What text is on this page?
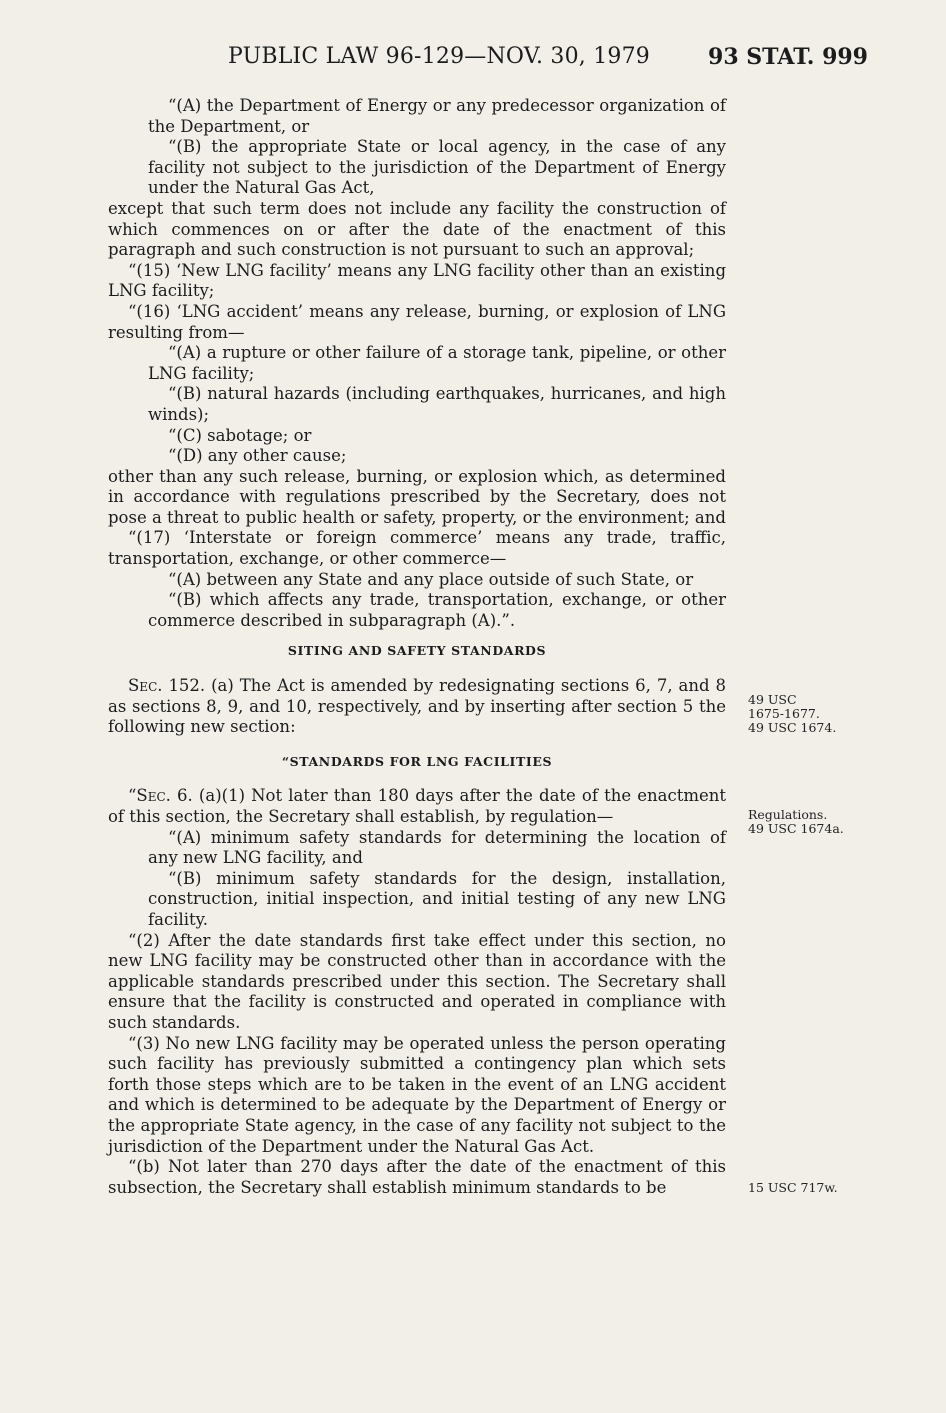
PUBLIC LAW 96-129—NOV. 30, 1979	93 STAT. 999

“(A) the Department of Energy or any predecessor organization of the Department, or

“(B) the appropriate State or local agency, in the case of any facility not subject to the jurisdiction of the Department of Energy under the Natural Gas Act,

except that such term does not include any facility the construction of which commences on or after the date of the enactment of this paragraph and such construction is not pursuant to such an approval;

“(15) ‘New LNG facility’ means any LNG facility other than an existing LNG facility;

“(16) ‘LNG accident’ means any release, burning, or explosion of LNG resulting from—

“(A) a rupture or other failure of a storage tank, pipeline, or other LNG facility;

“(B) natural hazards (including earthquakes, hurricanes, and high winds);

“(C) sabotage; or

“(D) any other cause;

other than any such release, burning, or explosion which, as determined in accordance with regulations prescribed by the Secretary, does not pose a threat to public health or safety, property, or the environment; and

“(17) ‘Interstate or foreign commerce’ means any trade, traffic, transportation, exchange, or other commerce—

“(A) between any State and any place outside of such State, or

“(B) which affects any trade, transportation, exchange, or other commerce described in subparagraph (A).”.

SITING AND SAFETY STANDARDS

Sec. 152. (a) The Act is amended by redesignating sections 6, 7, and 8 as sections 8, 9, and 10, respectively, and by inserting after section 5 the following new section:

“STANDARDS FOR LNG FACILITIES

“Sec. 6. (a)(1) Not later than 180 days after the date of the enactment of this section, the Secretary shall establish, by regulation—

“(A) minimum safety standards for determining the location of any new LNG facility, and

“(B) minimum safety standards for the design, installation, construction, initial inspection, and initial testing of any new LNG facility.

“(2) After the date standards first take effect under this section, no new LNG facility may be constructed other than in accordance with the applicable standards prescribed under this section. The Secretary shall ensure that the facility is constructed and operated in compliance with such standards.

“(3) No new LNG facility may be operated unless the person operating such facility has previously submitted a contingency plan which sets forth those steps which are to be taken in the event of an LNG accident and which is determined to be adequate by the Department of Energy or the appropriate State agency, in the case of any facility not subject to the jurisdiction of the Department under the Natural Gas Act.

“(b) Not later than 270 days after the date of the enactment of this subsection, the Secretary shall establish minimum standards to be

49 USC
1675-1677.
49 USC 1674.
Regulations.
49 USC 1674a.
15 USC 717w.
